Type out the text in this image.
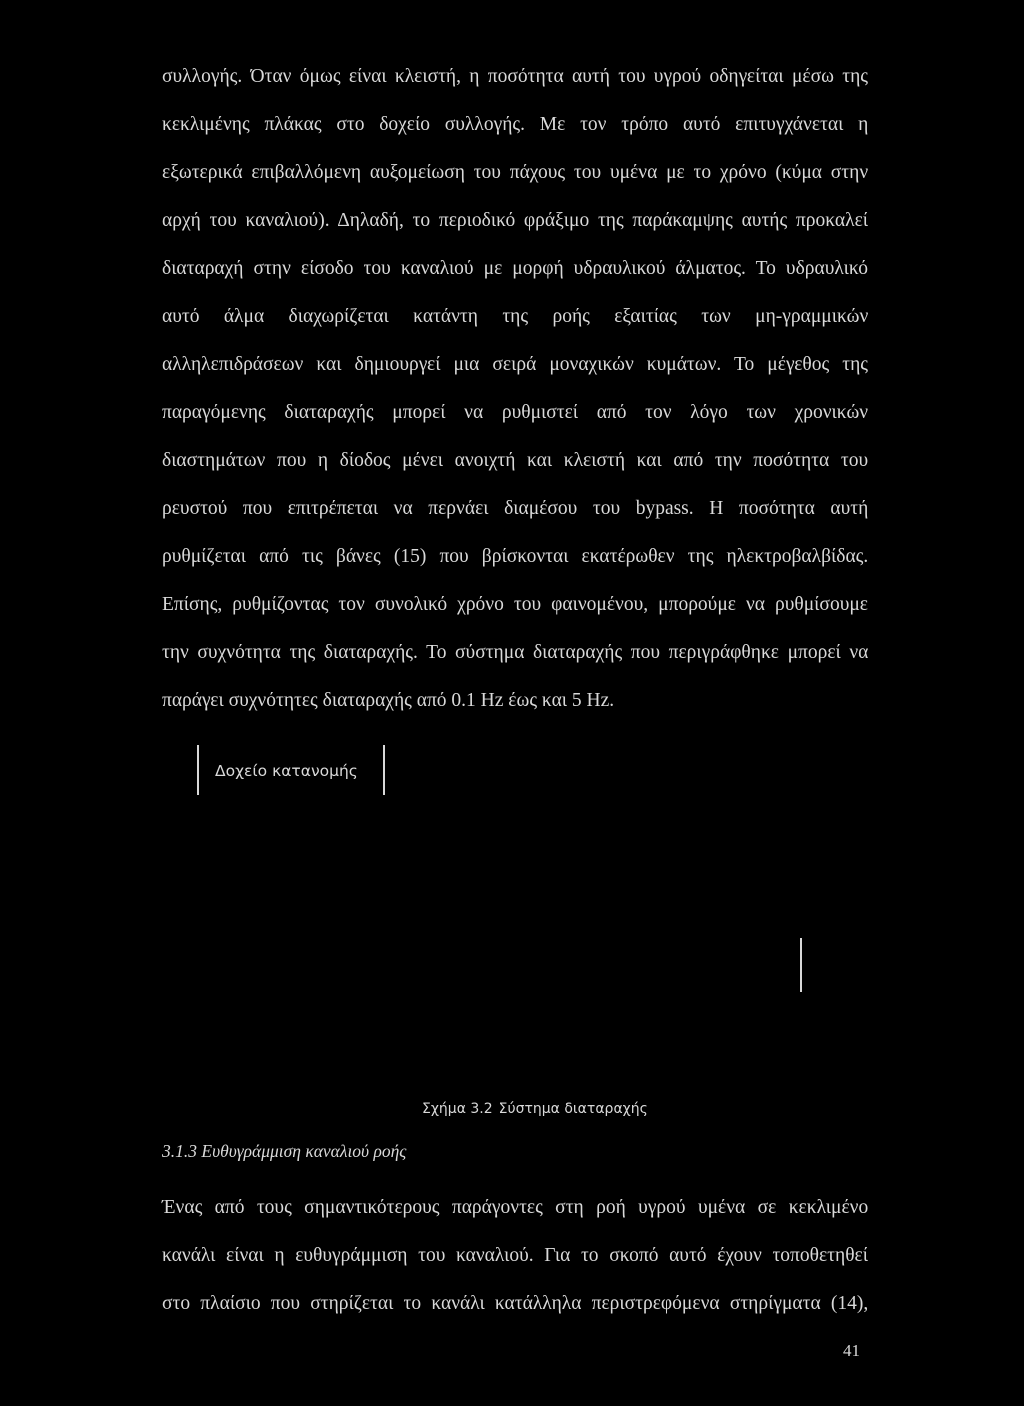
συλλογής. Όταν όμως είναι κλειστή, η ποσότητα αυτή του υγρού οδηγείται μέσω της
κεκλιμένης πλάκας στο δοχείο συλλογής. Με τον τρόπο αυτό επιτυγχάνεται η
εξωτερικά επιβαλλόμενη αυξομείωση του πάχους του υμένα με το χρόνο (κύμα στην
αρχή του καναλιού). Δηλαδή, το περιοδικό φράξιμο της παράκαμψης αυτής προκαλεί
διαταραχή στην είσοδο του καναλιού με μορφή υδραυλικού άλματος. Το υδραυλικό
αυτό άλμα διαχωρίζεται κατάντη της ροής εξαιτίας των μη-γραμμικών
αλληλεπιδράσεων και δημιουργεί μια σειρά μοναχικών κυμάτων. Το μέγεθος της
παραγόμενης διαταραχής μπορεί να ρυθμιστεί από τον λόγο των χρονικών
διαστημάτων που η δίοδος μένει ανοιχτή και κλειστή και από την ποσότητα του
ρευστού που επιτρέπεται να περνάει διαμέσου του bypass. Η ποσότητα αυτή
ρυθμίζεται από τις βάνες (15) που βρίσκονται εκατέρωθεν της ηλεκτροβαλβίδας.
Επίσης, ρυθμίζοντας τον συνολικό χρόνο του φαινομένου, μπορούμε να ρυθμίσουμε
την συχνότητα της διαταραχής. Το σύστημα διαταραχής που περιγράφθηκε μπορεί να
παράγει συχνότητες διαταραχής από 0.1 Hz έως και 5 Hz.
Δοχείο κατανομής
Σχήμα 3.2 Σύστημα διαταραχής
3.1.3 Ευθυγράμμιση καναλιού ροής
Ένας από τους σημαντικότερους παράγοντες στη ροή υγρού υμένα σε κεκλιμένο
κανάλι είναι η ευθυγράμμιση του καναλιού. Για το σκοπό αυτό έχουν τοποθετηθεί
στο πλαίσιο που στηρίζεται το κανάλι κατάλληλα περιστρεφόμενα στηρίγματα (14),
41
